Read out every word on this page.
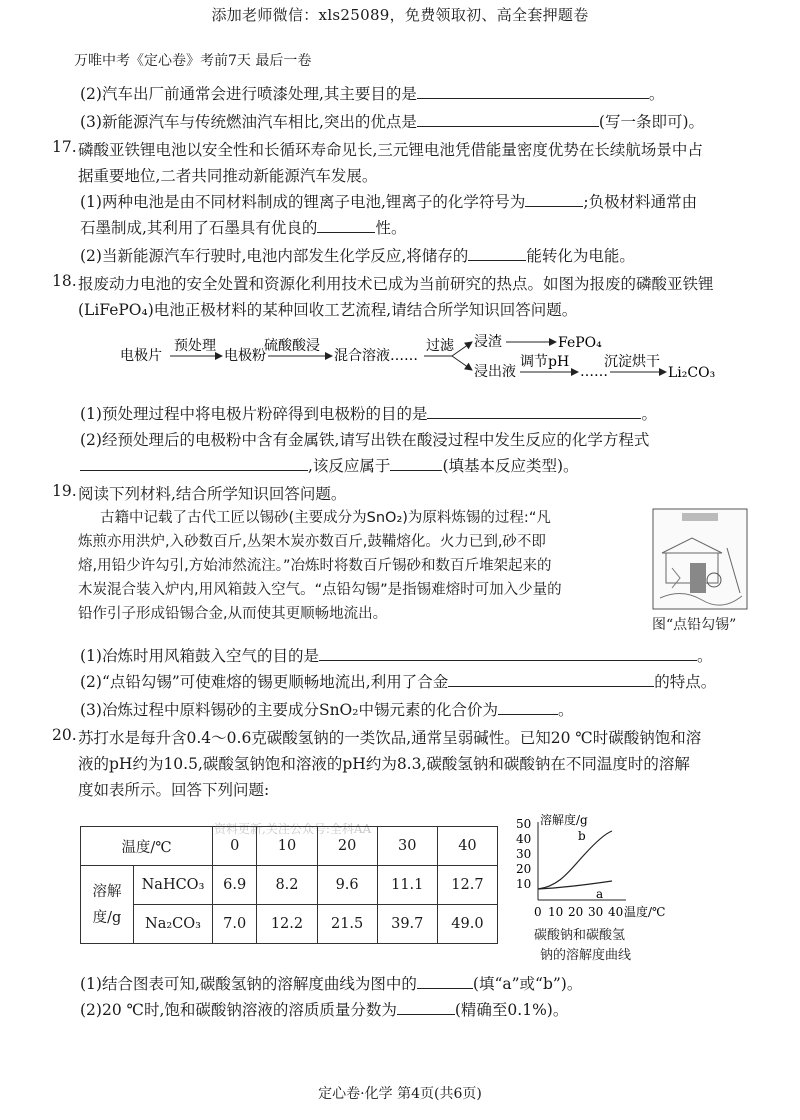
添加老师微信：xls25089，免费领取初、高全套押题卷
万唯中考《定心卷》考前7天 最后一卷
(2)汽车出厂前通常会进行喷漆处理,其主要目的是	。
(3)新能源汽车与传统燃油汽车相比,突出的优点是	(写一条即可)。
17. 磷酸亚铁锂电池以安全性和长循环寿命见长,三元锂电池凭借能量密度优势在长续航场景中占
据重要地位,二者共同推动新能源汽车发展。
(1)两种电池是由不同材料制成的锂离子电池,锂离子的化学符号为	;负极材料通常由
石墨制成,其利用了石墨具有优良的	性。
(2)当新能源汽车行驶时,电池内部发生化学反应,将储存的	能转化为电能。
18. 报废动力电池的安全处置和资源化利用技术已成为当前研究的热点。如图为报废的磷酸亚铁锂
(LiFePO₄)电池正极材料的某种回收工艺流程,请结合所学知识回答问题。
电极片
预处理
电极粉
硫酸酸浸
混合溶液 ……
过滤 浸渣	FePO₄
浸出液
调节pH
……
沉淀烘干
Li₂CO₃
(1)预处理过程中将电极片粉碎得到电极粉的目的是	。
(2)经预处理后的电极粉中含有金属铁,请写出铁在酸浸过程中发生反应的化学方程式
,该反应属于	(填基本反应类型)。
19. 阅读下列材料,结合所学知识回答问题。
古籍中记载了古代工匠以锡砂(主要成分为SnO₂)为原料炼锡的过程:“凡
炼煎亦用洪炉,入砂数百斤,丛架木炭亦数百斤,鼓鞴熔化。火力已到,砂不即
熔,用铅少许勾引,方始沛然流注。”冶炼时将数百斤锡砂和数百斤堆架起来的
木炭混合装入炉内,用风箱鼓入空气。“点铅勾锡”是指锡难熔时可加入少量的
铅作引子形成铅锡合金,从而使其更顺畅地流出。
图“点铅勾锡”
(1)冶炼时用风箱鼓入空气的目的是	。
(2)“点铅勾锡”可使难熔的锡更顺畅地流出,利用了合金	的特点。
(3)冶炼过程中原料锡砂的主要成分SnO₂中锡元素的化合价为	。
20. 苏打水是每升含0.4～0.6克碳酸氢钠的一类饮品,通常呈弱碱性。已知20 ℃时碳酸钠饱和溶
液的pH约为10.5,碳酸氢钠饱和溶液的pH约为8.3,碳酸氢钠和碳酸钠在不同温度时的溶解
度如表所示。回答下列问题:
资料更新,关注公众号:全科AA
温度/℃		0	10	20	30	40
溶解度/g	NaHCO₃	6.9	8.2	9.6	11.1	12.7
	Na₂CO₃	7.0	12.2	21.5	39.7	49.0
溶解度/g
温度/℃
50
40
30
20
10
0 10 20 30 40
a
b
碳酸钠和碳酸氢
钠的溶解度曲线
(1)结合图表可知,碳酸氢钠的溶解度曲线为图中的	(填“a”或“b”)。
(2)20 ℃时,饱和碳酸钠溶液的溶质质量分数为	(精确至0.1%)。
定心卷·化学 第4页(共6页)
